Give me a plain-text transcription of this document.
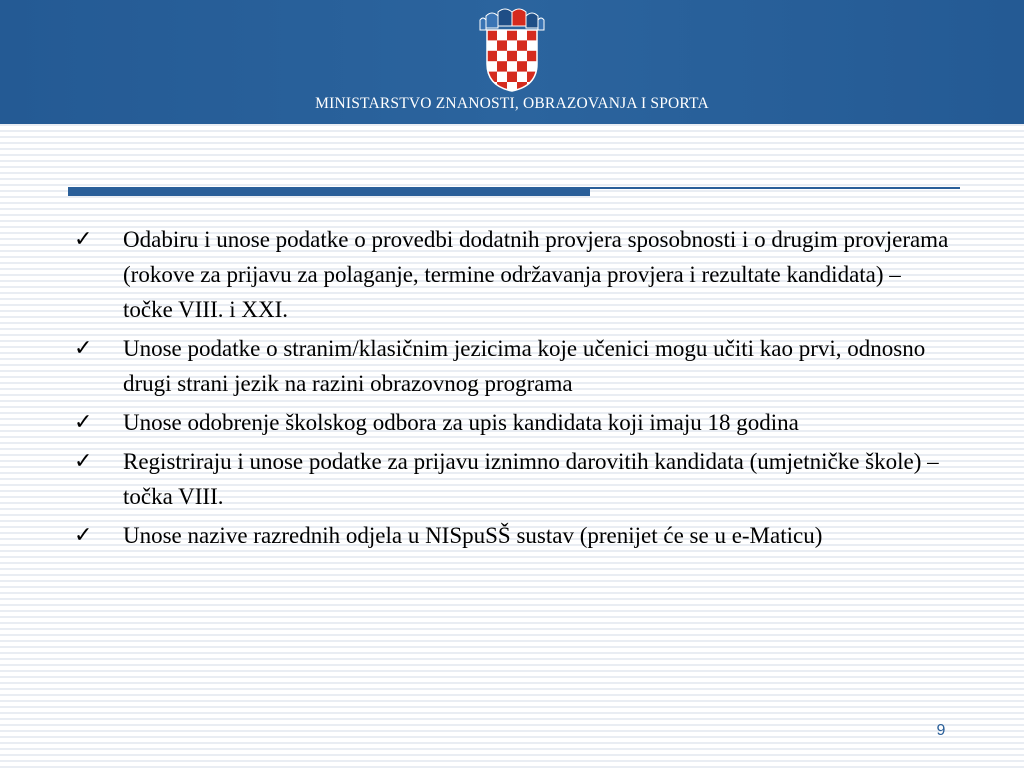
MINISTARSTVO ZNANOSTI, OBRAZOVANJA I SPORTA
✓ Odabiru i unose podatke o provedbi dodatnih provjera sposobnosti i o drugim provjerama (rokove za prijavu za polaganje, termine održavanja provjera i rezultate kandidata) – točke VIII. i XXI.
✓ Unose podatke o stranim/klasičnim jezicima koje učenici mogu učiti kao prvi, odnosno drugi strani jezik na razini obrazovnog programa
✓ Unose odobrenje školskog odbora za upis kandidata koji imaju 18 godina
✓ Registriraju i unose podatke za prijavu iznimno darovitih kandidata (umjetničke škole) – točka VIII.
✓ Unose nazive razrednih odjela u NISpuSŠ sustav (prenijet će se u e-Maticu)
9
